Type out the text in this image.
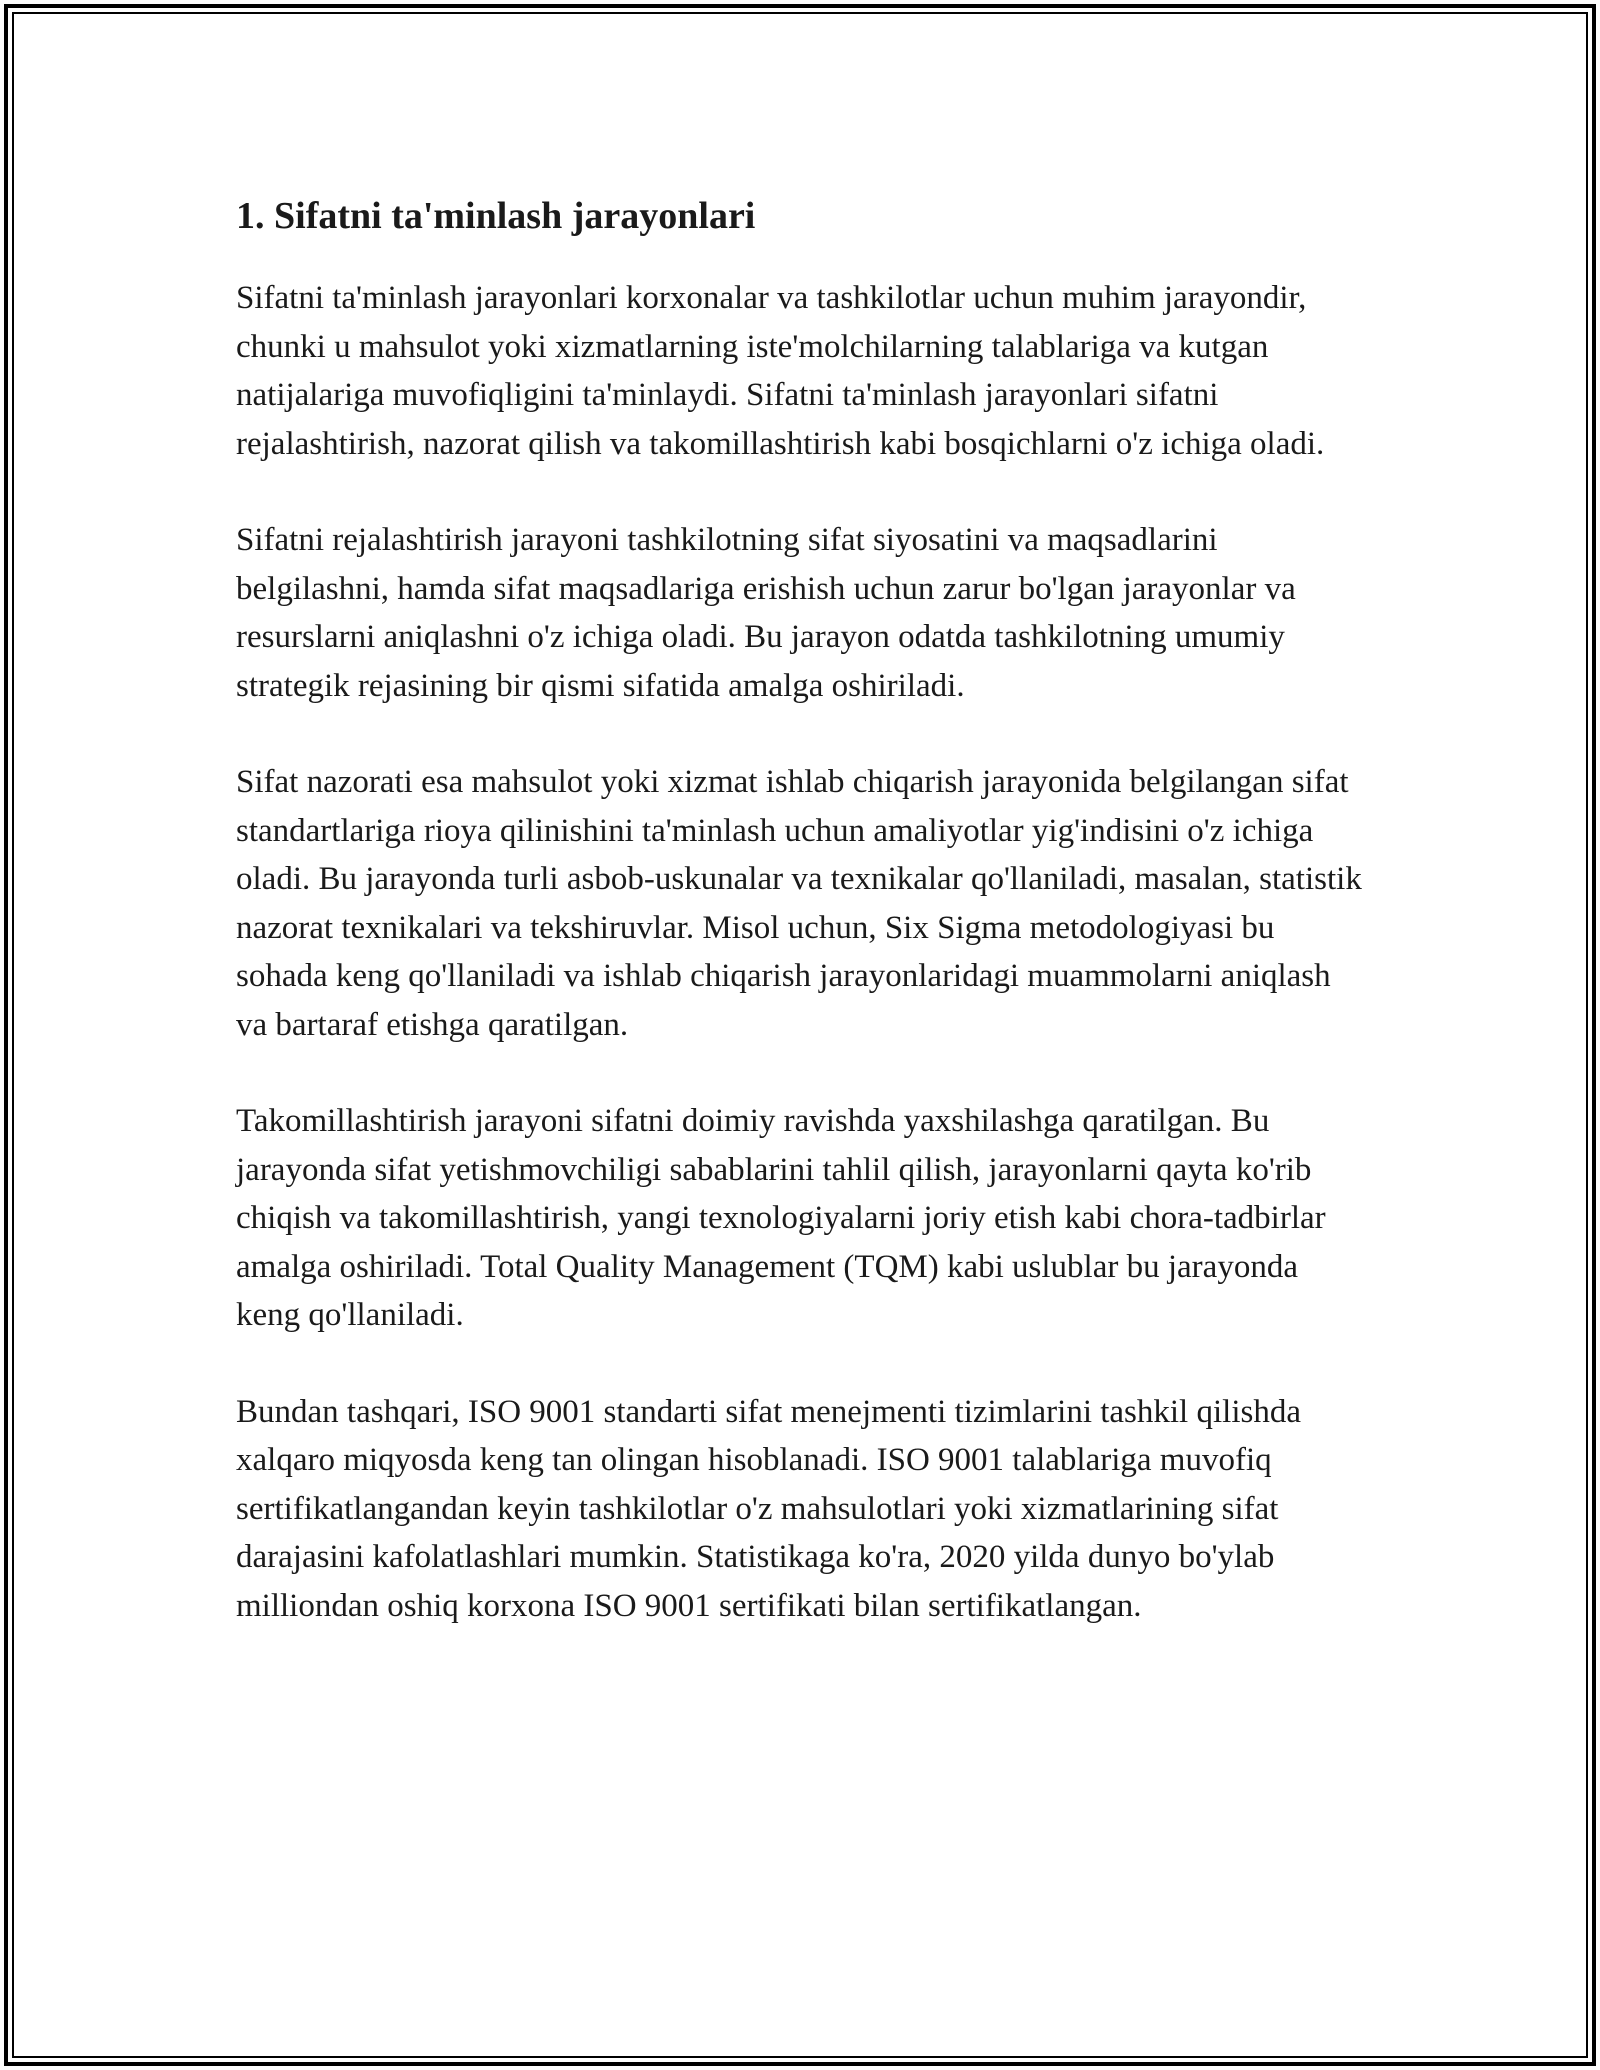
1. Sifatni ta'minlash jarayonlari

Sifatni ta'minlash jarayonlari korxonalar va tashkilotlar uchun muhim jarayondir, chunki u mahsulot yoki xizmatlarning iste'molchilarning talablariga va kutgan natijalariga muvofiqligini ta'minlaydi. Sifatni ta'minlash jarayonlari sifatni rejalashtirish, nazorat qilish va takomillashtirish kabi bosqichlarni o'z ichiga oladi.

Sifatni rejalashtirish jarayoni tashkilotning sifat siyosatini va maqsadlarini belgilashni, hamda sifat maqsadlariga erishish uchun zarur bo'lgan jarayonlar va resurslarni aniqlashni o'z ichiga oladi. Bu jarayon odatda tashkilotning umumiy strategik rejasining bir qismi sifatida amalga oshiriladi.

Sifat nazorati esa mahsulot yoki xizmat ishlab chiqarish jarayonida belgilangan sifat standartlariga rioya qilinishini ta'minlash uchun amaliyotlar yig'indisini o'z ichiga oladi. Bu jarayonda turli asbob-uskunalar va texnikalar qo'llaniladi, masalan, statistik nazorat texnikalari va tekshiruvlar. Misol uchun, Six Sigma metodologiyasi bu sohada keng qo'llaniladi va ishlab chiqarish jarayonlaridagi muammolarni aniqlash va bartaraf etishga qaratilgan.

Takomillashtirish jarayoni sifatni doimiy ravishda yaxshilashga qaratilgan. Bu jarayonda sifat yetishmovchiligi sabablarini tahlil qilish, jarayonlarni qayta ko'rib chiqish va takomillashtirish, yangi texnologiyalarni joriy etish kabi chora-tadbirlar amalga oshiriladi. Total Quality Management (TQM) kabi uslublar bu jarayonda keng qo'llaniladi.

Bundan tashqari, ISO 9001 standarti sifat menejmenti tizimlarini tashkil qilishda xalqaro miqyosda keng tan olingan hisoblanadi. ISO 9001 talablariga muvofiq sertifikatlangandan keyin tashkilotlar o'z mahsulotlari yoki xizmatlarining sifat darajasini kafolatlashlari mumkin. Statistikaga ko'ra, 2020 yilda dunyo bo'ylab milliondan oshiq korxona ISO 9001 sertifikati bilan sertifikatlangan.
